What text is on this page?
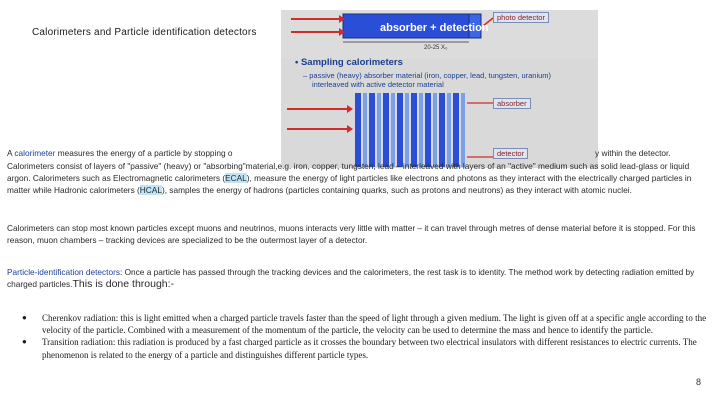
Calorimeters and Particle identification detectors	absorber + detection
photo detector
20-25 X₀
• Sampling calorimeters
– passive (heavy) absorber material (iron, copper, lead, tungsten, uranium)
interleaved with active detector material
absorber
detector
A calorimeter measures the energy of a particle by stopping o	y within the detector.
Calorimeters consist of layers of "passive" (heavy) or "absorbing"material,e.g. iron, copper, tungsten, lead – interleaved with layers of an "active" medium such as solid lead-glass or liquid argon. Calorimeters such as Electromagnetic calorimeters (ECAL), measure the energy of light particles like electrons and photons as they interact with the electrically charged particles in matter while Hadronic calorimeters (HCAL), samples the energy of hadrons (particles containing quarks, such as protons and neutrons) as they interact with atomic nuclei.
Calorimeters can stop most known particles except muons and neutrinos, muons interacts very little with matter – it can travel through metres of dense material before it is stopped. For this reason, muon chambers – tracking devices are specialized to be the outermost layer of a detector.
Particle-identification detectors: Once a particle has passed through the tracking devices and the calorimeters, the rest task is to identity. The method work by detecting radiation emitted by charged particles.This is done through:-
● Cherenkov radiation: this is light emitted when a charged particle travels faster than the speed of light through a given medium. The light is given off at a specific angle according to the velocity of the particle. Combined with a measurement of the momentum of the particle, the velocity can be used to determine the mass and hence to identify the particle.
● Transition radiation: this radiation is produced by a fast charged particle as it crosses the boundary between two electrical insulators with different resistances to electric currents. The phenomenon is related to the energy of a particle and distinguishes different particle types.
8
